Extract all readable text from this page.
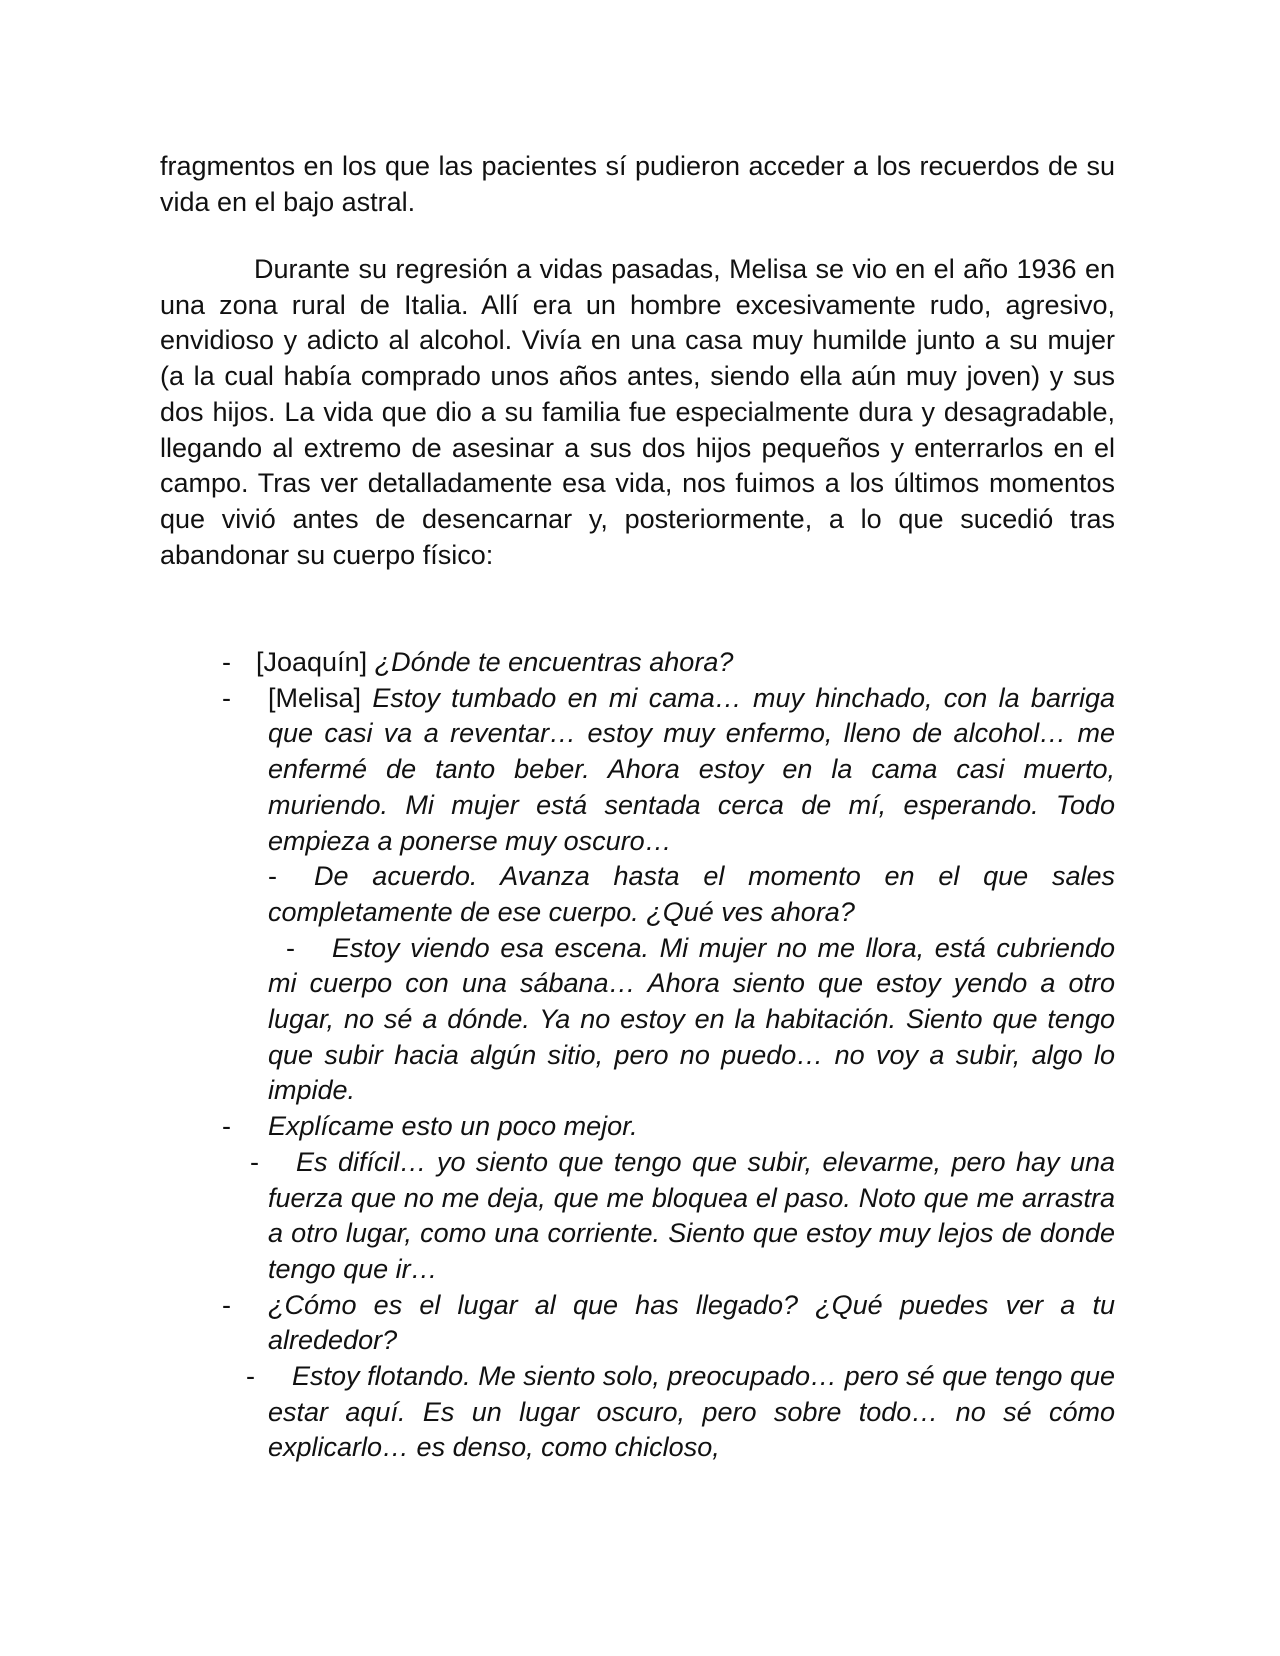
fragmentos en los que las pacientes sí pudieron acceder a los recuerdos de su vida en el bajo astral.

Durante su regresión a vidas pasadas, Melisa se vio en el año 1936 en una zona rural de Italia. Allí era un hombre excesivamente rudo, agresivo, envidioso y adicto al alcohol. Vivía en una casa muy humilde junto a su mujer (a la cual había comprado unos años antes, siendo ella aún muy joven) y sus dos hijos. La vida que dio a su familia fue especialmente dura y desagradable, llegando al extremo de asesinar a sus dos hijos pequeños y enterrarlos en el campo. Tras ver detalladamente esa vida, nos fuimos a los últimos momentos que vivió antes de desencarnar y, posteriormente, a lo que sucedió tras abandonar su cuerpo físico:

- [Joaquín] ¿Dónde te encuentras ahora?
- [Melisa] Estoy tumbado en mi cama… muy hinchado, con la barriga que casi va a reventar… estoy muy enfermo, lleno de alcohol… me enfermé de tanto beber. Ahora estoy en la cama casi muerto, muriendo. Mi mujer está sentada cerca de mí, esperando. Todo empieza a ponerse muy oscuro…
- De acuerdo. Avanza hasta el momento en el que sales completamente de ese cuerpo. ¿Qué ves ahora?
- Estoy viendo esa escena. Mi mujer no me llora, está cubriendo mi cuerpo con una sábana… Ahora siento que estoy yendo a otro lugar, no sé a dónde. Ya no estoy en la habitación. Siento que tengo que subir hacia algún sitio, pero no puedo… no voy a subir, algo lo impide.
- Explícame esto un poco mejor.
- Es difícil… yo siento que tengo que subir, elevarme, pero hay una fuerza que no me deja, que me bloquea el paso. Noto que me arrastra a otro lugar, como una corriente. Siento que estoy muy lejos de donde tengo que ir…
- ¿Cómo es el lugar al que has llegado? ¿Qué puedes ver a tu alrededor?
- Estoy flotando. Me siento solo, preocupado… pero sé que tengo que estar aquí. Es un lugar oscuro, pero sobre todo… no sé cómo explicarlo… es denso, como chicloso,
